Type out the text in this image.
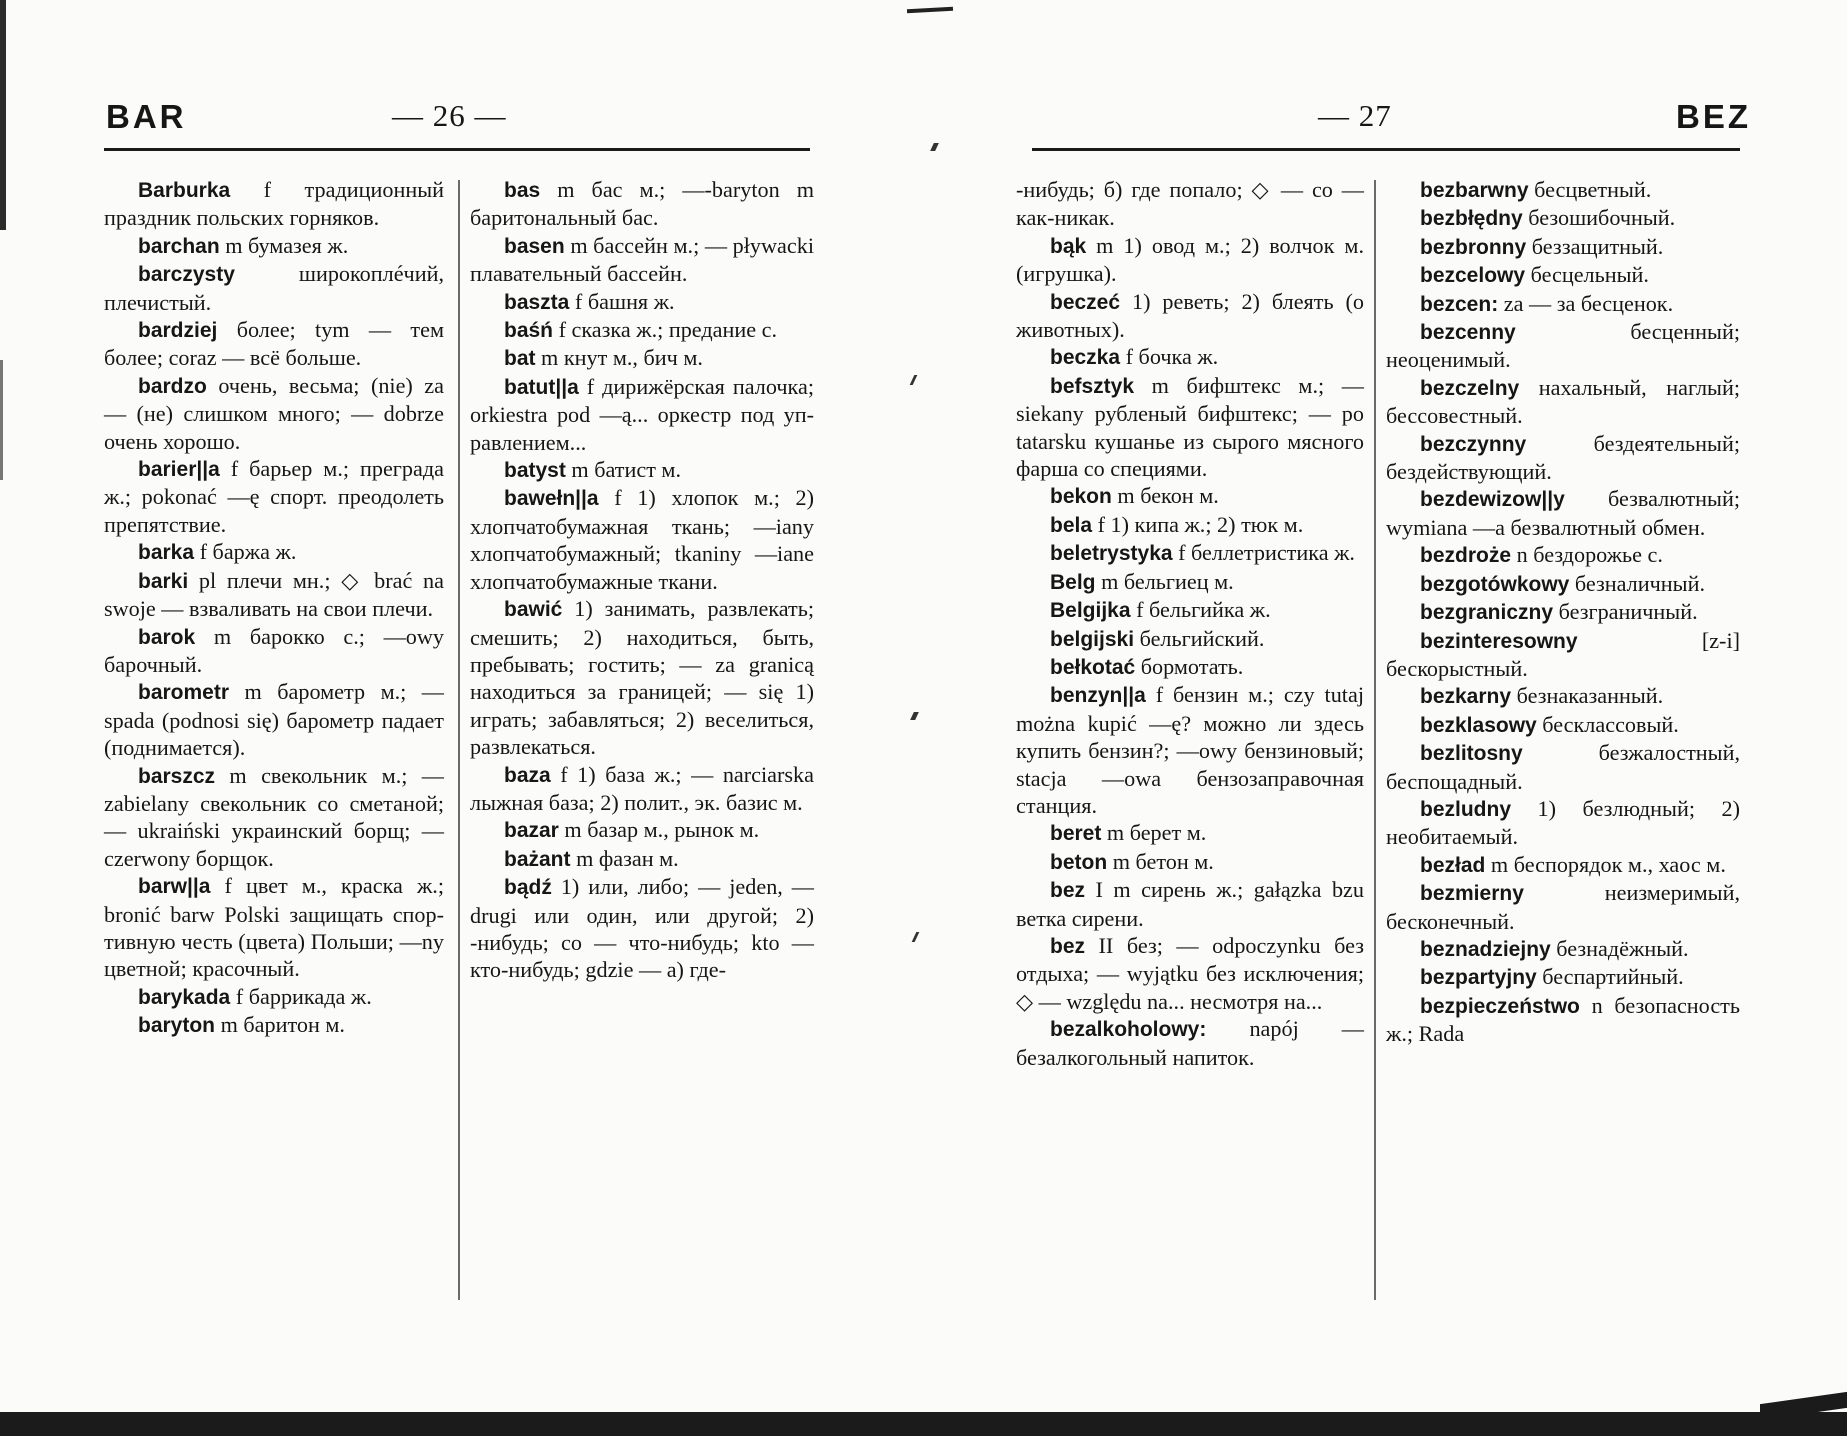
BAR	— 26 —

Barburka f традиционный праздник польских горняков.

barchan m бумазея ж.

barczysty широкоплéчий, плечистый.

bardziej более; tym — тем более; coraz — всё больше.

bardzo очень, весьма; (nie) za — (не) слишком много; — dobrze очень хорошо.

barier||a f барьер м.; преграда ж.; pokonać —ę спорт. преодолеть препятствие.

barka f баржа ж.

barki pl плечи мн.; ◇ brać na swoje — взваливать на свои плечи.

barok m барокко с.; —owy барочный.

barometr m барометр м.; — spada (podnosi się) барометр падает (поднимается).

barszcz m свекольник м.; — zabielany свекольник со сметаной; — ukraiński украинский борщ; — czerwony борщок.

barw||a f цвет м., краска ж.; bronić barw Polski защищать спортивную честь (цвета) Польши; —ny цветной; красочный.

barykada f баррикада ж.

baryton m баритон м.

bas m бас м.; —-baryton m баритональный бас.

basen m бассейн м.; — pływacki плавательный бассейн.

baszta f башня ж.

baśń f сказка ж.; предание с.

bat m кнут м., бич м.

batut||a f дирижёрская палочка; orkiestra pod —ą... оркестр под управлением...

batyst m батист м.

bawełn||a f 1) хлопок м.; 2) хлопчатобумажная ткань; —iany хлопчатобумажный; tkaniny —iane хлопчатобумажные ткани.

bawić 1) занимать, развлекать; смешить; 2) находиться, быть, пребывать; гостить; — za granicą находиться за границей; — się 1) играть; забавляться; 2) веселиться, развлекаться.

baza f 1) база ж.; — narciarska лыжная база; 2) полит., эк. базис м.

bazar m базар м., рынок м.

bażant m фазан м.

bądź 1) или, либо; — jeden, — drugi или один, или другой; 2) -нибудь; co — что-нибудь; kto — кто-нибудь; gdzie — а) где-

— 27	BEZ

-нибудь; б) где попало; ◇ — co — как-никак.

bąk m 1) овод м.; 2) волчок м. (игрушка).

beczeć 1) реветь; 2) блеять (о животных).

beczka f бочка ж.

befsztyk m бифштекс м.; — siekany рубленый бифштекс; — po tatarsku кушанье из сырого мясного фарша со специями.

bekon m бекон м.

bela f 1) кипа ж.; 2) тюк м.

beletrystyka f беллетристика ж.

Belg m бельгиец м.

Belgijka f бельгийка ж.

belgijski бельгийский.

bełkotać бормотать.

benzyn||a f бензин м.; czy tutaj można kupić —ę? можно ли здесь купить бензин?; —owy бензиновый; stacja —owa бензозаправочная станция.

beret m берет м.

beton m бетон м.

bez I m сирень ж.; gałązka bzu ветка сирени.

bez II без; — odpoczynku без отдыха; — wyjątku без исключения; ◇ — względu na... несмотря на...

bezalkoholowy: napój — безалкогольный напиток.

bezbarwny бесцветный.

bezbłędny безошибочный.

bezbronny беззащитный.

bezcelowy бесцельный.

bezcen: za — за бесценок.

bezcenny бесценный; неоценимый.

bezczelny нахальный, наглый; бессовестный.

bezczynny бездеятельный; бездействующий.

bezdewizow||y безвалютный; wymiana —a безвалютный обмен.

bezdroże n бездорожье с.

bezgotówkowy безналичный.

bezgraniczny безграничный.

bezinteresowny [z-i] бескорыстный.

bezkarny безнаказанный.

bezklasowy бесклассовый.

bezlitosny безжалостный, беспощадный.

bezludny 1) безлюдный; 2) необитаемый.

bezład m беспорядок м., хаос м.

bezmierny неизмеримый, бесконечный.

beznadziejny безнадёжный.

bezpartyjny беспартийный.

bezpieczeństwo n безопасность ж.; Rada
